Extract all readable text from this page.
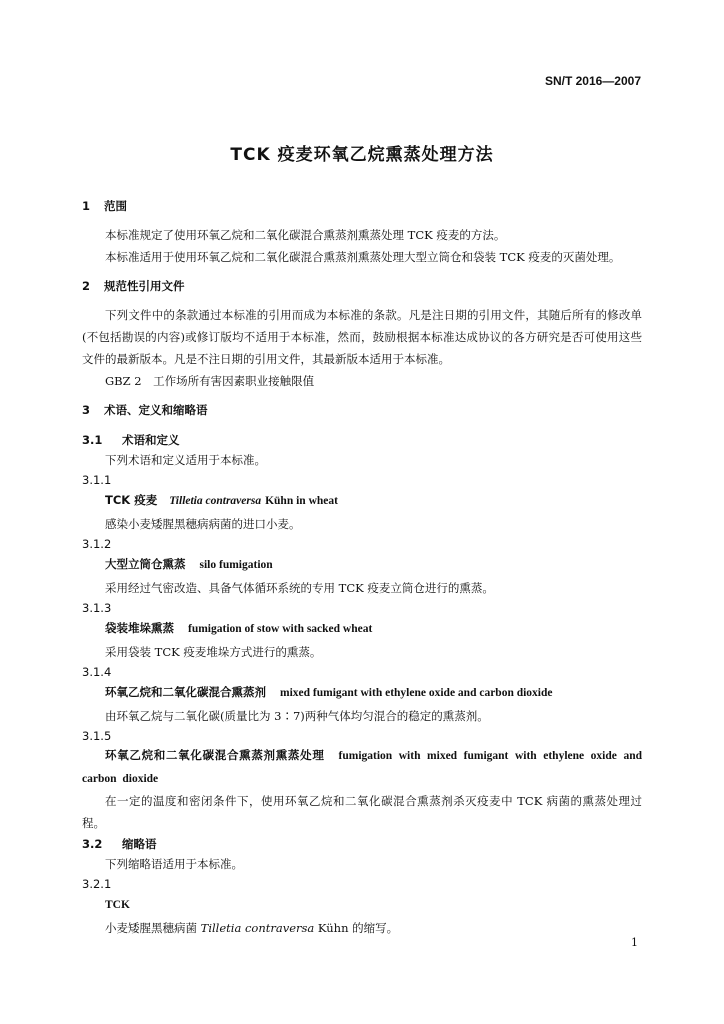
SN/T 2016—2007
TCK 疫麦环氧乙烷熏蒸处理方法
1 范围

本标准规定了使用环氧乙烷和二氧化碳混合熏蒸剂熏蒸处理 TCK 疫麦的方法。

本标准适用于使用环氧乙烷和二氧化碳混合熏蒸剂熏蒸处理大型立筒仓和袋装 TCK 疫麦的灭菌处理。

2 规范性引用文件

下列文件中的条款通过本标准的引用而成为本标准的条款。凡是注日期的引用文件，其随后所有的修改单(不包括勘误的内容)或修订版均不适用于本标准，然而，鼓励根据本标准达成协议的各方研究是否可使用这些文件的最新版本。凡是不注日期的引用文件，其最新版本适用于本标准。

GBZ 2　工作场所有害因素职业接触限值
3 术语、定义和缩略语
3.1 术语和定义
下列术语和定义适用于本标准。
3.1.1
TCK 疫麦 Tilletia contraversa Kühn in wheat
感染小麦矮腥黑穗病病菌的进口小麦。
3.1.2
大型立筒仓熏蒸 silo fumigation
采用经过气密改造、具备气体循环系统的专用 TCK 疫麦立筒仓进行的熏蒸。
3.1.3
袋装堆垛熏蒸 fumigation of stow with sacked wheat
采用袋装 TCK 疫麦堆垛方式进行的熏蒸。
3.1.4
环氧乙烷和二氧化碳混合熏蒸剂 mixed fumigant with ethylene oxide and carbon dioxide
由环氧乙烷与二氧化碳(质量比为 3∶7)两种气体均匀混合的稳定的熏蒸剂。
3.1.5

环氧乙烷和二氧化碳混合熏蒸剂熏蒸处理 fumigation with mixed fumigant with ethylene oxide and carbon dioxide

在一定的温度和密闭条件下，使用环氧乙烷和二氧化碳混合熏蒸剂杀灭疫麦中 TCK 病菌的熏蒸处理过程。

3.2 缩略语
下列缩略语适用于本标准。
3.2.1
TCK
小麦矮腥黑穗病菌 Tilletia contraversa Kühn 的缩写。
1
